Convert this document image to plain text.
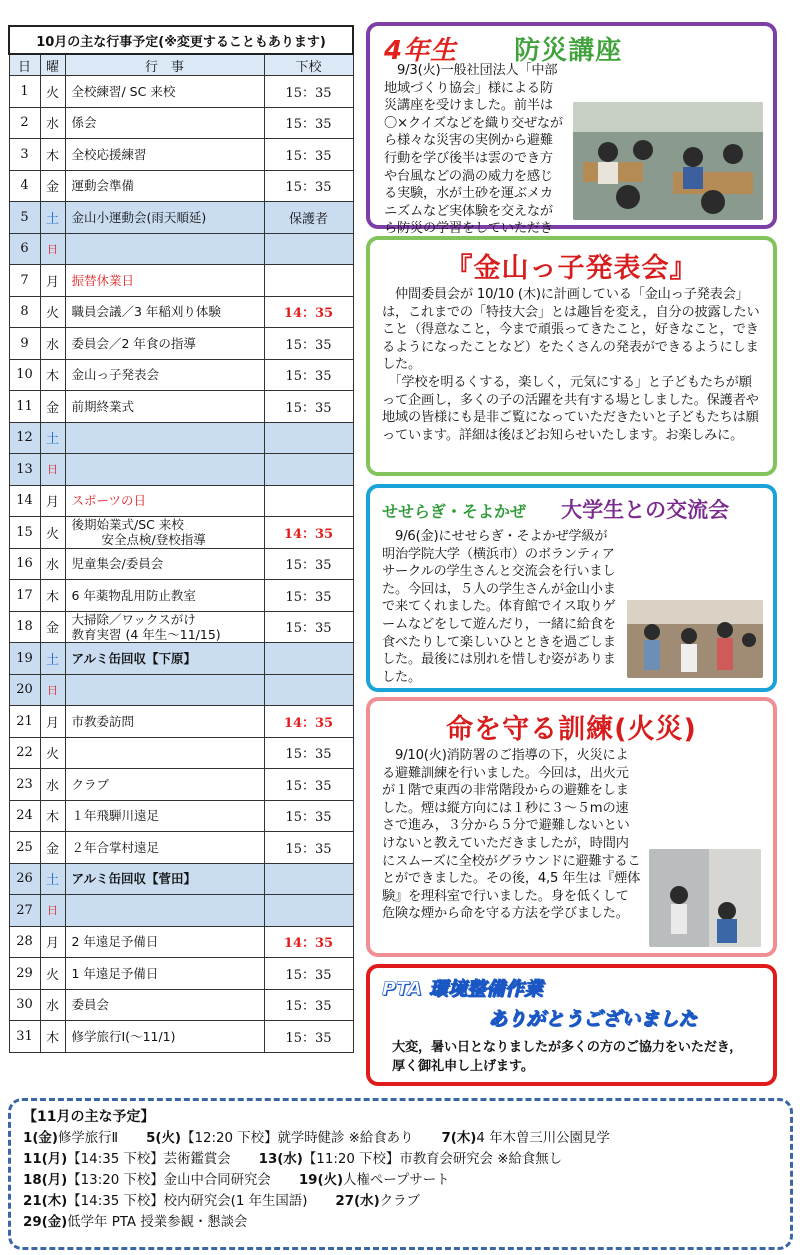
10月の主な行事予定(※変更することもあります)			
日	曜	行　事	下校
1	火	全校練習/ SC 来校	15：35
2	水	係会	15：35
3	木	全校応援練習	15：35
4	金	運動会準備	15：35
5	土	金山小運動会(雨天順延)	保護者
6	日	

7	月	振替休業日	

8	火	職員会議／3 年稲刈り体験	14：35
9	水	委員会／2 年食の指導	15：35
10	木	金山っ子発表会	15：35
11	金	前期終業式	15：35
12	土	

13	日	

14	月	スポーツの日	

15	火	後期始業式/SC 来校
安全点検/登校指導	14：35
16	水	児童集会/委員会	15：35
17	木	6 年薬物乱用防止教室	15：35
18	金	大掃除／ワックスがけ
教育実習 (4 年生～11/15)	15：35
19	土	アルミ缶回収【下原】	

20	日	

21	月	市教委訪問	14：35
22	火		15：35
23	水	クラブ	15：35
24	木	１年飛騨川遠足	15：35
25	金	２年合掌村遠足	15：35
26	土	アルミ缶回収【菅田】	

27	日	

28	月	2 年遠足予備日	14：35
29	火	1 年遠足予備日	15：35
30	水	委員会	15：35
31	木	修学旅行Ⅰ(～11/1)	15：35
4年生 防災講座

　9/3(火)一般社団法人「中部地域づくり協会」様による防災講座を受けました。前半は〇×クイズなどを織り交ぜながら様々な災害の実例から避難行動を学び後半は雲のでき方や台風などの渦の威力を感じる実験，水が土砂を運ぶメカニズムなど実体験を交えながら防災の学習をしていただき

『金山っ子発表会』

　仲間委員会が 10/10 (木)に計画している「金山っ子発表会」は，これまでの「特技大会」とは趣旨を変え，自分の披露したいこと（得意なこと，今まで頑張ってきたこと，好きなこと，できるようになったことなど）をたくさんの発表ができるようにしました。

　「学校を明るくする，楽しく，元気にする」と子どもたちが願って企画し，多くの子の活躍を共有する場としました。保護者や地域の皆様にも是非ご覧になっていただきたいと子どもたちは願っています。詳細は後ほどお知らせいたします。お楽しみに。

せせらぎ・そよかぜ 大学生との交流会

　9/6(金)にせせらぎ・そよかぜ学級が明治学院大学（横浜市）のボランティアサークルの学生さんと交流会を行いました。今回は，５人の学生さんが金山小まで来てくれました。体育館でイス取りゲームなどをして遊んだり，一緒に給食を食べたりして楽しいひとときを過ごしました。最後には別れを惜しむ姿がありました。

命を守る訓練(火災)

　9/10(火)消防署のご指導の下，火災による避難訓練を行いました。今回は，出火元が１階で東西の非常階段からの避難をしました。煙は縦方向には１秒に３～５mの速さで進み，３分から５分で避難しないといけないと教えていただきましたが，時間内にスムーズに全校がグラウンドに避難することができました。その後，4,5 年生は『煙体験』を理科室で行いました。身を低くして危険な煙から命を守る方法を学びました。

PTA 環境整備作業
ありがとうございました

大変，暑い日となりましたが多くの方のご協力をいただき，厚く御礼申し上げます。

【11月の主な予定】
1(金)修学旅行Ⅱ 5(火)【12:20 下校】就学時健診 ※給食あり 7(木)4 年木曽三川公園見学
11(月)【14:35 下校】芸術鑑賞会 13(水)【11:20 下校】市教育会研究会 ※給食無し
18(月)【13:20 下校】金山中合同研究会 19(火)人権ペープサート
21(木)【14:35 下校】校内研究会(1 年生国語) 27(水)クラブ
29(金)低学年 PTA 授業参観・懇談会
